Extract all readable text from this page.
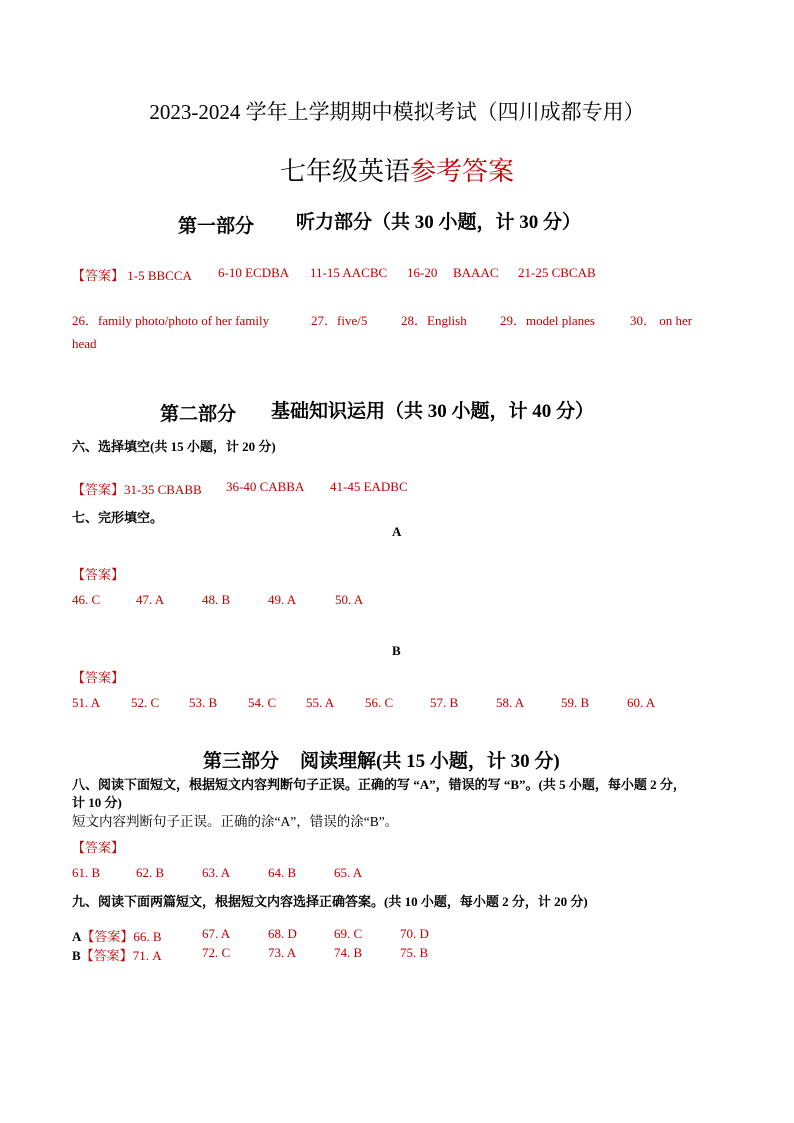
2023-2024 学年上学期期中模拟考试（四川成都专用）
七年级英语参考答案
第一部分 听力部分（共 30 小题，计 30 分）
【答案】 1-5 BBCCA 6-10 ECDBA 11-15 AACBC 16-20 BAAAC 21-25 CBCAB
26．family photo/photo of her family	27．five/5	28．English	29．model planes	30． on her
head
第二部分 基础知识运用（共 30 小题，计 40 分）
六、选择填空(共 15 小题，计 20 分)
【答案】31-35 CBABB 36-40 CABBA 41-45 EADBC
七、完形填空。
A
【答案】
46. C	47. A	48. B	49. A	50. A
B
【答案】
51. A 52. C 53. B 54. C 55. A 56. C	57. B	58. A	59. B	60. A
第三部分 阅读理解(共 15 小题，计 30 分)
八、阅读下面短文，根据短文内容判断句子正误。正确的写 “A”，错误的写 “B”。(共 5 小题，每小题 2 分，
计 10 分)
短文内容判断句子正误。正确的涂“A”，错误的涂“B”。
【答案】
61. B	62. B	63. A	64. B	65. A
九、阅读下面两篇短文，根据短文内容选择正确答案。(共 10 小题，每小题 2 分，计 20 分)
A【答案】66. B	67. A	68. D	69. C	70. D
B【答案】71. A	72. C	73. A	74. B	75. B
